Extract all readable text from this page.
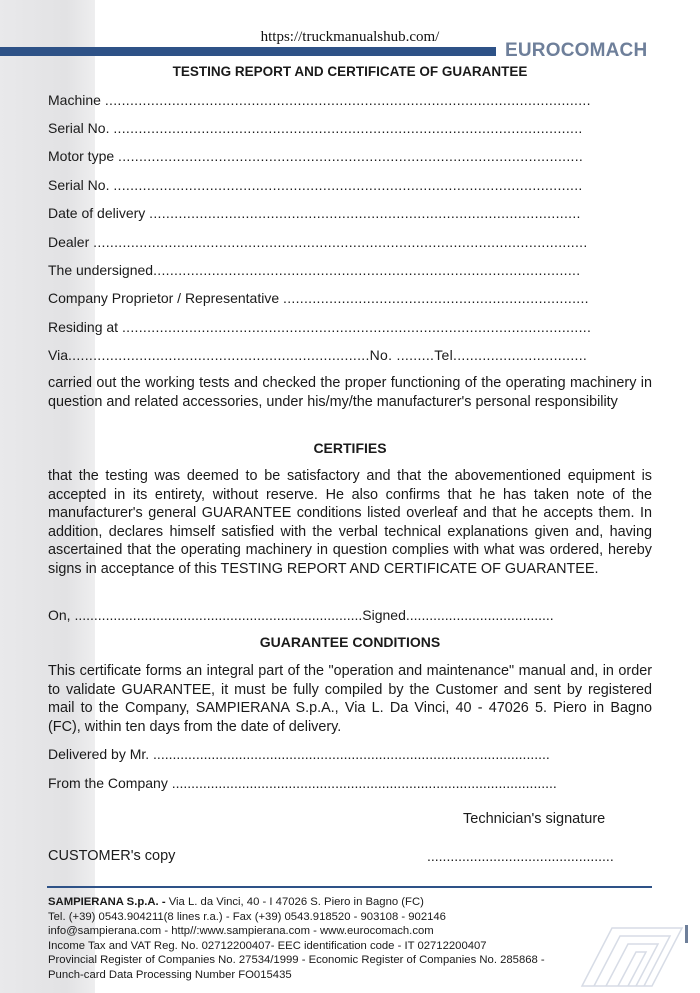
https://truckmanualshub.com/
EUROCOMACH
TESTING REPORT AND CERTIFICATE OF GUARANTEE
Machine ....................................................................................................................
Serial No. ................................................................................................................
Motor type ...............................................................................................................
Serial No. ................................................................................................................
Date of delivery .......................................................................................................
Dealer ......................................................................................................................
The undersigned......................................................................................................
Company Proprietor / Representative .........................................................................
Residing at ................................................................................................................
Via........................................................................No. .........Tel................................
carried out the working tests and checked the proper functioning of the operating machinery in question and related accessories, under his/my/the manufacturer's personal responsibility
CERTIFIES
that the testing was deemed to be satisfactory and that the abovementioned equipment is accepted in its entirety, without reserve. He also confirms that he has taken note of the manufacturer's general GUARANTEE conditions listed overleaf and that he accepts them. In addition, declares himself satisfied with the verbal technical explanations given and, having ascertained that the operating machinery in question complies with what was ordered, hereby signs in acceptance of this TESTING REPORT AND CERTIFICATE OF GUARANTEE.
On, ..........................................................................Signed......................................
GUARANTEE CONDITIONS
This certificate forms an integral part of the "operation and maintenance" manual and, in order to validate GUARANTEE, it must be fully compiled by the Customer and sent by registered mail to the Company, SAMPIERANA S.p.A., Via L. Da Vinci, 40 - 47026 5. Piero in Bagno (FC), within ten days from the date of delivery.
Delivered by Mr. ......................................................................................................
From the Company ...................................................................................................
Technician's signature
CUSTOMER's copy	................................................
SAMPIERANA S.p.A. - Via L. da Vinci, 40 - I 47026 S. Piero in Bagno (FC)
Tel. (+39) 0543.904211(8 lines r.a.) - Fax (+39) 0543.918520 - 903108 - 902146
info@sampierana.com - http//:www.sampierana.com - www.eurocomach.com
Income Tax and VAT Reg. No. 02712200407- EEC identification code - IT 02712200407
Provincial Register of Companies No. 27534/1999 - Economic Register of Companies No. 285868 -
Punch-card Data Processing Number FO015435
